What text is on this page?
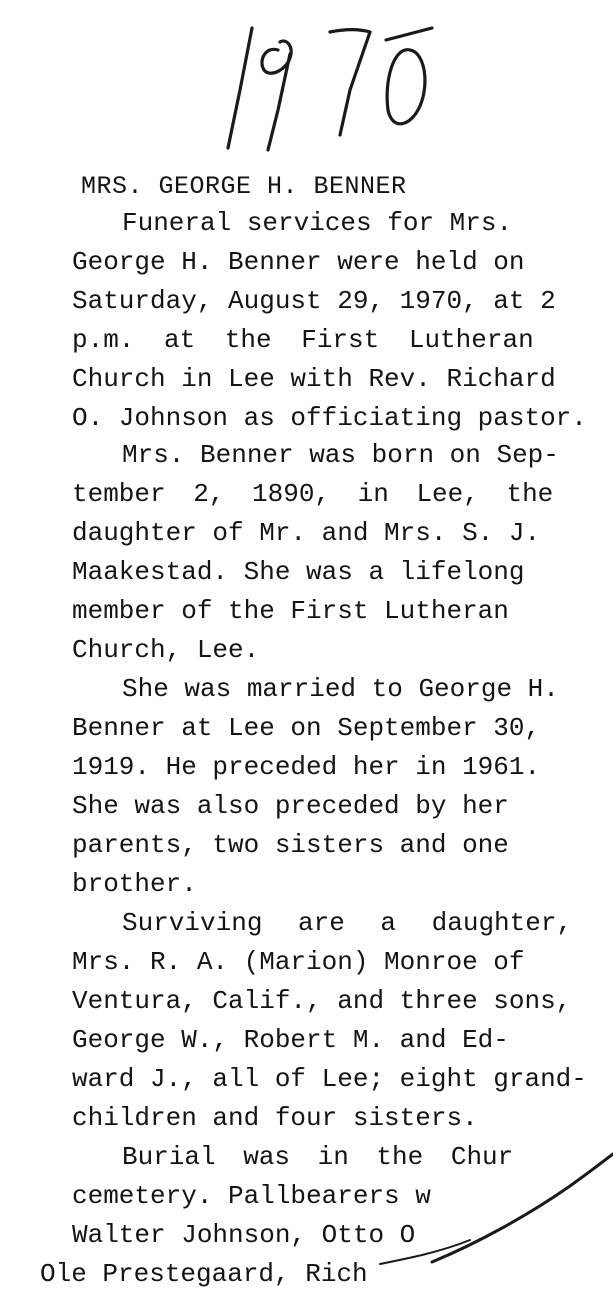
1970
MRS. GEORGE H. BENNER

Funeral services for Mrs.

George H. Benner were held on

Saturday, August 29, 1970, at 2

p.m. at the First Lutheran

Church in Lee with Rev. Richard

O. Johnson as officiating pastor.

Mrs. Benner was born on Sep-

tember 2, 1890, in Lee, the

daughter of Mr. and Mrs. S. J.

Maakestad. She was a lifelong

member of the First Lutheran

Church, Lee.

She was married to George H.

Benner at Lee on September 30,

1919. He preceded her in 1961.

She was also preceded by her

parents, two sisters and one

brother.

Surviving are a daughter,

Mrs. R. A. (Marion) Monroe of

Ventura, Calif., and three sons,

George W., Robert M. and Ed-

ward J., all of Lee; eight grand-

children and four sisters.

Burial was in the Chur

cemetery. Pallbearers w

Walter Johnson, Otto O

Ole Prestegaard, Rich
